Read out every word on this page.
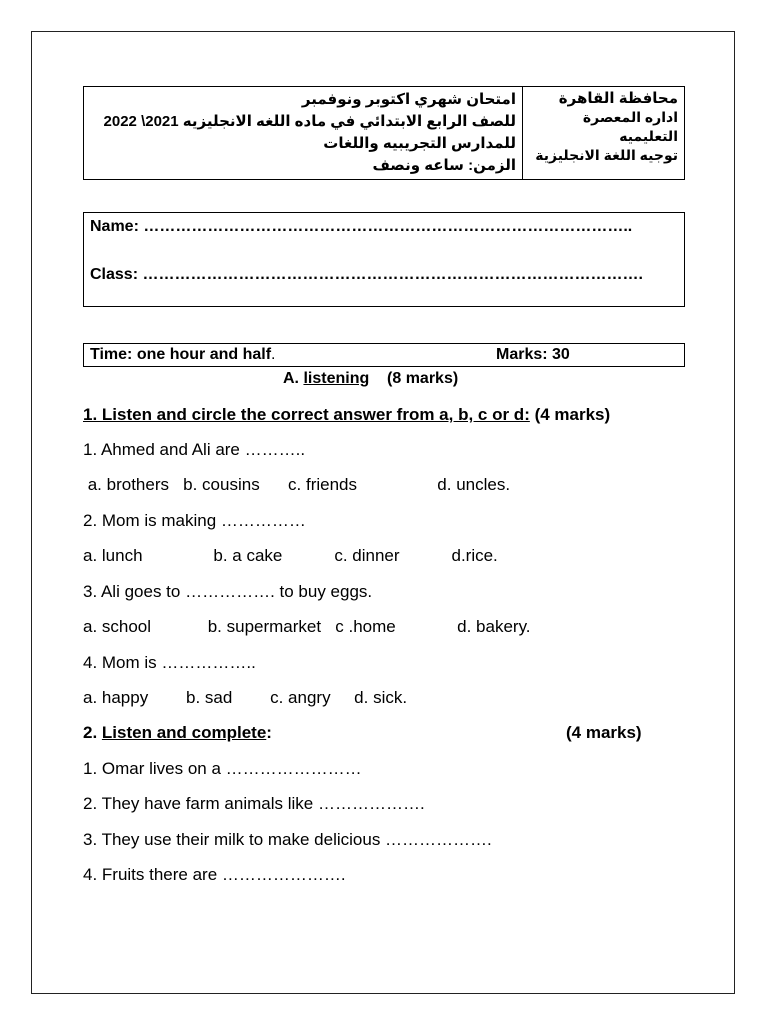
امتحان شهري اكتوبر ونوفمبر
للصف الرابع الابتدائي في ماده اللغه الانجليزيه 2021\ 2022
للمدارس التجريبيه واللغات
الزمن: ساعه ونصف
محافظة القاهرة
اداره المعصرة التعليميه
توجيه اللغة الانجليزية
Name: ………………………………………………………………………………..
Class: ………………………………………………………………………………….
Time: one hour and half.	Marks: 30
A. listening    (8 marks)
1. Listen and circle the correct answer from a, b, c or d: (4 marks)
1. Ahmed and Ali are ………..
a. brothers   b. cousins      c. friends                 d. uncles.
2. Mom is making ……………
a. lunch               b. a cake           c. dinner           d.rice.
3. Ali goes to ……………. to buy eggs.
a. school            b. supermarket   c .home             d. bakery.
4. Mom is ……………..
a. happy        b. sad        c. angry     d. sick.
2. Listen and complete:	(4 marks)
1. Omar lives on a ……………………
2. They have farm animals like ……………….
3. They use their milk to make delicious ……………….
4. Fruits there are ………………….
